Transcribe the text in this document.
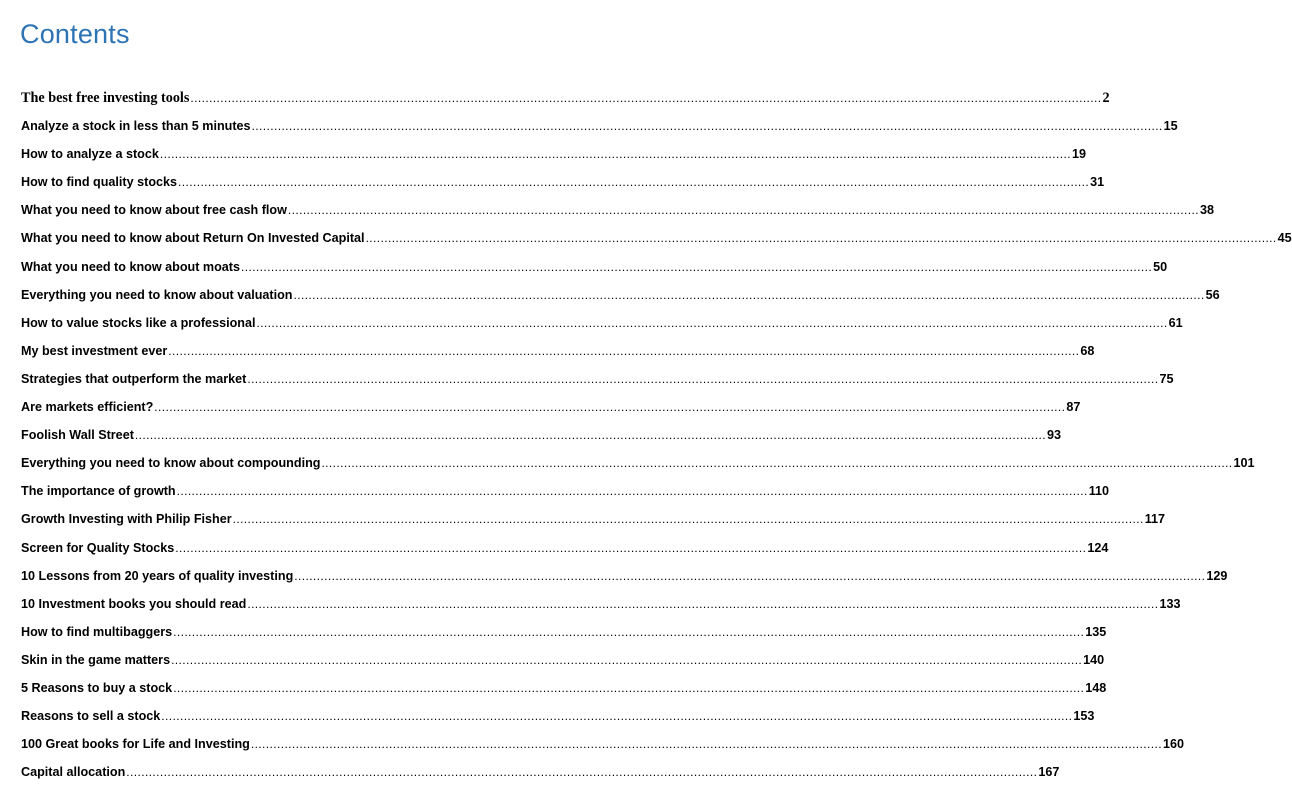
Contents
The best free investing tools .................................................................................................................................................................................................................................................... 2
Analyze a stock in less than 5 minutes .................................................................................................................................................................................................................................................... 15
How to analyze a stock .................................................................................................................................................................................................................................................... 19
How to find quality stocks .................................................................................................................................................................................................................................................... 31
What you need to know about free cash flow .................................................................................................................................................................................................................................................... 38
What you need to know about Return On Invested Capital .................................................................................................................................................................................................................................................... 45
What you need to know about moats .................................................................................................................................................................................................................................................... 50
Everything you need to know about valuation .................................................................................................................................................................................................................................................... 56
How to value stocks like a professional .................................................................................................................................................................................................................................................... 61
My best investment ever .................................................................................................................................................................................................................................................... 68
Strategies that outperform the market .................................................................................................................................................................................................................................................... 75
Are markets efficient? .................................................................................................................................................................................................................................................... 87
Foolish Wall Street .................................................................................................................................................................................................................................................... 93
Everything you need to know about compounding .................................................................................................................................................................................................................................................... 101
The importance of growth .................................................................................................................................................................................................................................................... 110
Growth Investing with Philip Fisher .................................................................................................................................................................................................................................................... 117
Screen for Quality Stocks .................................................................................................................................................................................................................................................... 124
10 Lessons from 20 years of quality investing .................................................................................................................................................................................................................................................... 129
10 Investment books you should read .................................................................................................................................................................................................................................................... 133
How to find multibaggers .................................................................................................................................................................................................................................................... 135
Skin in the game matters .................................................................................................................................................................................................................................................... 140
5 Reasons to buy a stock .................................................................................................................................................................................................................................................... 148
Reasons to sell a stock .................................................................................................................................................................................................................................................... 153
100 Great books for Life and Investing .................................................................................................................................................................................................................................................... 160
Capital allocation .................................................................................................................................................................................................................................................... 167
